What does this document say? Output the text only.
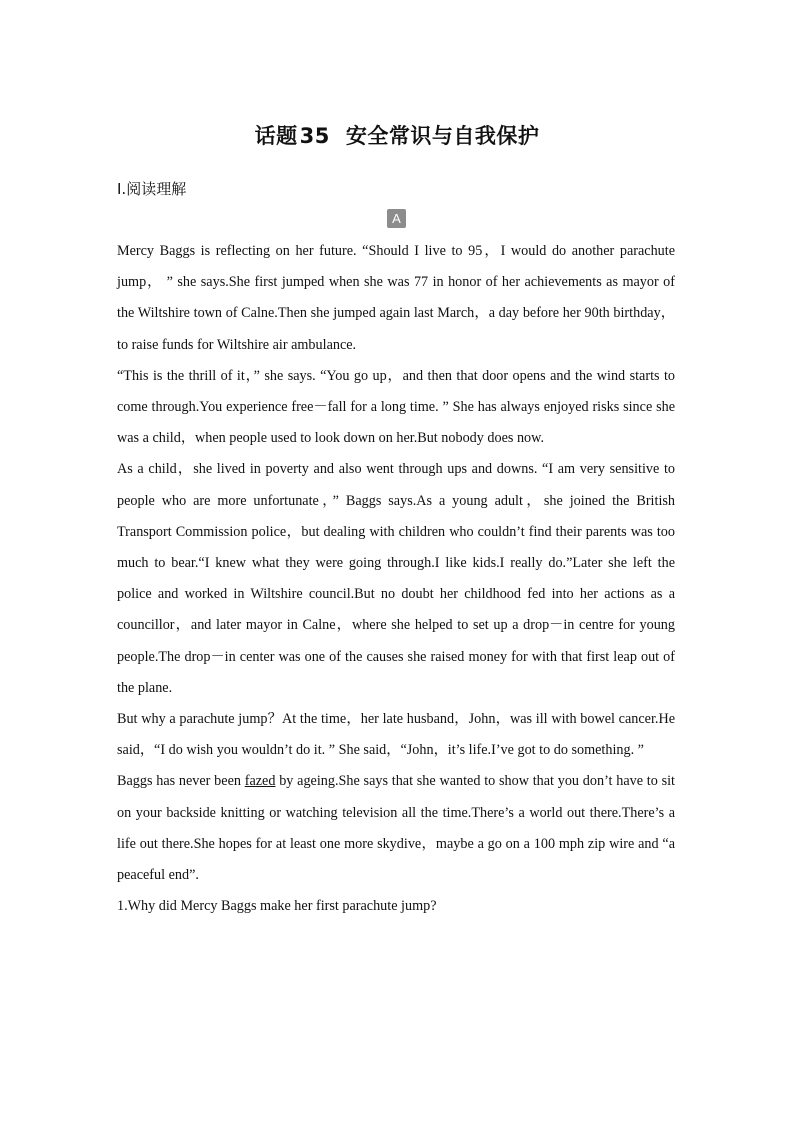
话题35 安全常识与自我保护
Ⅰ.阅读理解
A

Mercy Baggs is reflecting on her future. “Should I live to 95，I would do another parachute jump， ” she says.She first jumped when she was 77 in honor of her achievements as mayor of the Wiltshire town of Calne.Then she jumped again last March，a day before her 90th birthday，to raise funds for Wiltshire air ambulance.

“This is the thrill of it，” she says. “You go up，and then that door opens and the wind starts to come through.You experience free－fall for a long time. ” She has always enjoyed risks since she was a child，when people used to look down on her.But nobody does now.

As a child，she lived in poverty and also went through ups and downs. “I am very sensitive to people who are more unfortunate，” Baggs says.As a young adult，she joined the British Transport Commission police，but dealing with children who couldn’t find their parents was too much to bear.“I knew what they were going through.I like kids.I really do.”Later she left the police and worked in Wiltshire council.But no doubt her childhood fed into her actions as a councillor，and later mayor in Calne，where she helped to set up a drop－in centre for young people.The drop－in center was one of the causes she raised money for with that first leap out of the plane.

But why a parachute jump？At the time，her late husband，John，was ill with bowel cancer.He said，“I do wish you wouldn’t do it. ” She said，“John，it’s life.I’ve got to do something. ”

Baggs has never been fazed by ageing.She says that she wanted to show that you don’t have to sit on your backside knitting or watching television all the time.There’s a world out there.There’s a life out there.She hopes for at least one more skydive，maybe a go on a 100 mph zip wire and “a peaceful end”.

1.Why did Mercy Baggs make her first parachute jump?
